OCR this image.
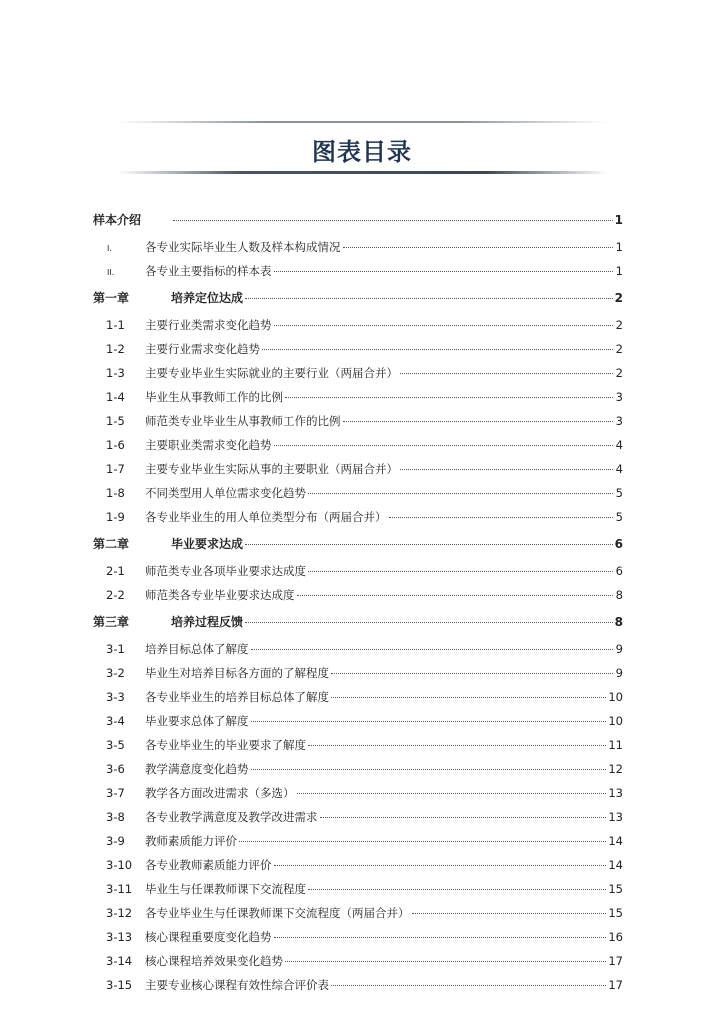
图表目录
样本介绍	1
I.	各专业实际毕业生人数及样本构成情况	1
II.	各专业主要指标的样本表	1
第一章	培养定位达成	2
1-1	主要行业类需求变化趋势	2
1-2	主要行业需求变化趋势	2
1-3	主要专业毕业生实际就业的主要行业（两届合并）	2
1-4	毕业生从事教师工作的比例	3
1-5	师范类专业毕业生从事教师工作的比例	3
1-6	主要职业类需求变化趋势	4
1-7	主要专业毕业生实际从事的主要职业（两届合并）	4
1-8	不同类型用人单位需求变化趋势	5
1-9	各专业毕业生的用人单位类型分布（两届合并）	5
第二章	毕业要求达成	6
2-1	师范类专业各项毕业要求达成度	6
2-2	师范类各专业毕业要求达成度	8
第三章	培养过程反馈	8
3-1	培养目标总体了解度	9
3-2	毕业生对培养目标各方面的了解程度	9
3-3	各专业毕业生的培养目标总体了解度	10
3-4	毕业要求总体了解度	10
3-5	各专业毕业生的毕业要求了解度	11
3-6	教学满意度变化趋势	12
3-7	教学各方面改进需求（多选）	13
3-8	各专业教学满意度及教学改进需求	13
3-9	教师素质能力评价	14
3-10	各专业教师素质能力评价	14
3-11	毕业生与任课教师课下交流程度	15
3-12	各专业毕业生与任课教师课下交流程度（两届合并）	15
3-13	核心课程重要度变化趋势	16
3-14	核心课程培养效果变化趋势	17
3-15	主要专业核心课程有效性综合评价表	17
